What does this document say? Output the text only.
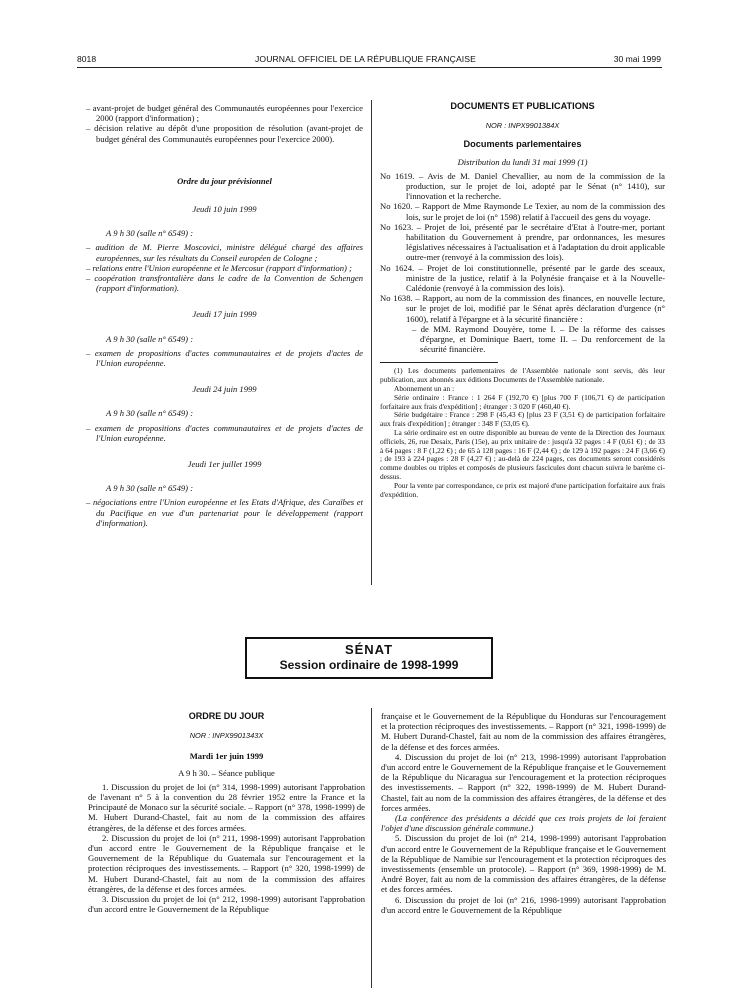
8018	JOURNAL OFFICIEL DE LA RÉPUBLIQUE FRANÇAISE	30 mai 1999

– avant-projet de budget général des Communautés européennes pour l'exercice 2000 (rapport d'information) ;

– décision relative au dépôt d'une proposition de résolution (avant-projet de budget général des Communautés européennes pour l'exercice 2000).

Ordre du jour prévisionnel

Jeudi 10 juin 1999

A 9 h 30 (salle n° 6549) :

– audition de M. Pierre Moscovici, ministre délégué chargé des affaires européennes, sur les résultats du Conseil européen de Cologne ;

– relations entre l'Union européenne et le Mercosur (rapport d'information) ;

– coopération transfrontalière dans le cadre de la Convention de Schengen (rapport d'information).

Jeudi 17 juin 1999

A 9 h 30 (salle n° 6549) :

– examen de propositions d'actes communautaires et de projets d'actes de l'Union européenne.

Jeudi 24 juin 1999

A 9 h 30 (salle n° 6549) :

– examen de propositions d'actes communautaires et de projets d'actes de l'Union européenne.

Jeudi 1er juillet 1999

A 9 h 30 (salle n° 6549) :

– négociations entre l'Union européenne et les Etats d'Afrique, des Caraïbes et du Pacifique en vue d'un partenariat pour le développement (rapport d'information).

DOCUMENTS ET PUBLICATIONS

NOR : INPX9901384X

Documents parlementaires

Distribution du lundi 31 mai 1999 (1)

No 1619. – Avis de M. Daniel Chevallier, au nom de la commission de la production, sur le projet de loi, adopté par le Sénat (n° 1410), sur l'innovation et la recherche.

No 1620. – Rapport de Mme Raymonde Le Texier, au nom de la commission des lois, sur le projet de loi (n° 1598) relatif à l'accueil des gens du voyage.

No 1623. – Projet de loi, présenté par le secrétaire d'Etat à l'outre-mer, portant habilitation du Gouvernement à prendre, par ordonnances, les mesures législatives nécessaires à l'actualisation et à l'adaptation du droit applicable outre-mer (renvoyé à la commission des lois).

No 1624. – Projet de loi constitutionnelle, présenté par le garde des sceaux, ministre de la justice, relatif à la Polynésie française et à la Nouvelle-Calédonie (renvoyé à la commission des lois).

No 1638. – Rapport, au nom de la commission des finances, en nouvelle lecture, sur le projet de loi, modifié par le Sénat après déclaration d'urgence (n° 1600), relatif à l'épargne et à la sécurité financière :

– de MM. Raymond Douyère, tome I. – De la réforme des caisses d'épargne, et Dominique Baert, tome II. – Du renforcement de la sécurité financière.

(1) Les documents parlementaires de l'Assemblée nationale sont servis, dès leur publication, aux abonnés aux éditions Documents de l'Assemblée nationale.

Abonnement un an :

Série ordinaire : France : 1 264 F (192,70 €) [plus 700 F (106,71 €) de participation forfaitaire aux frais d'expédition] ; étranger : 3 020 F (460,40 €).

Série budgétaire : France : 298 F (45,43 €) [plus 23 F (3,51 €) de participation forfaitaire aux frais d'expédition] ; étranger : 348 F (53,05 €).

La série ordinaire est en outre disponible au bureau de vente de la Direction des Journaux officiels, 26, rue Desaix, Paris (15e), au prix unitaire de : jusqu'à 32 pages : 4 F (0,61 €) ; de 33 à 64 pages : 8 F (1,22 €) ; de 65 à 128 pages : 16 F (2,44 €) ; de 129 à 192 pages : 24 F (3,66 €) ; de 193 à 224 pages : 28 F (4,27 €) ; au-delà de 224 pages, ces documents seront considérés comme doubles ou triples et composés de plusieurs fascicules dont chacun suivra le barème ci-dessus.

Pour la vente par correspondance, ce prix est majoré d'une participation forfaitaire aux frais d'expédition.

SÉNAT
Session ordinaire de 1998-1999

ORDRE DU JOUR

NOR : INPX9901343X

Mardi 1er juin 1999

A 9 h 30. – Séance publique

1. Discussion du projet de loi (n° 314, 1998-1999) autorisant l'approbation de l'avenant n° 5 à la convention du 28 février 1952 entre la France et la Principauté de Monaco sur la sécurité sociale. – Rapport (n° 378, 1998-1999) de M. Hubert Durand-Chastel, fait au nom de la commission des affaires étrangères, de la défense et des forces armées.

2. Discussion du projet de loi (n° 211, 1998-1999) autorisant l'approbation d'un accord entre le Gouvernement de la République française et le Gouvernement de la République du Guatemala sur l'encouragement et la protection réciproques des investissements. – Rapport (n° 320, 1998-1999) de M. Hubert Durand-Chastel, fait au nom de la commission des affaires étrangères, de la défense et des forces armées.

3. Discussion du projet de loi (n° 212, 1998-1999) autorisant l'approbation d'un accord entre le Gouvernement de la République

française et le Gouvernement de la République du Honduras sur l'encouragement et la protection réciproques des investissements. – Rapport (n° 321, 1998-1999) de M. Hubert Durand-Chastel, fait au nom de la commission des affaires étrangères, de la défense et des forces armées.

4. Discussion du projet de loi (n° 213, 1998-1999) autorisant l'approbation d'un accord entre le Gouvernement de la République française et le Gouvernement de la République du Nicaragua sur l'encouragement et la protection réciproques des investissements. – Rapport (n° 322, 1998-1999) de M. Hubert Durand-Chastel, fait au nom de la commission des affaires étrangères, de la défense et des forces armées.

(La conférence des présidents a décidé que ces trois projets de loi feraient l'objet d'une discussion générale commune.)

5. Discussion du projet de loi (n° 214, 1998-1999) autorisant l'approbation d'un accord entre le Gouvernement de la République française et le Gouvernement de la République de Namibie sur l'encouragement et la protection réciproques des investissements (ensemble un protocole). – Rapport (n° 369, 1998-1999) de M. André Boyer, fait au nom de la commission des affaires étrangères, de la défense et des forces armées.

6. Discussion du projet de loi (n° 216, 1998-1999) autorisant l'approbation d'un accord entre le Gouvernement de la République
